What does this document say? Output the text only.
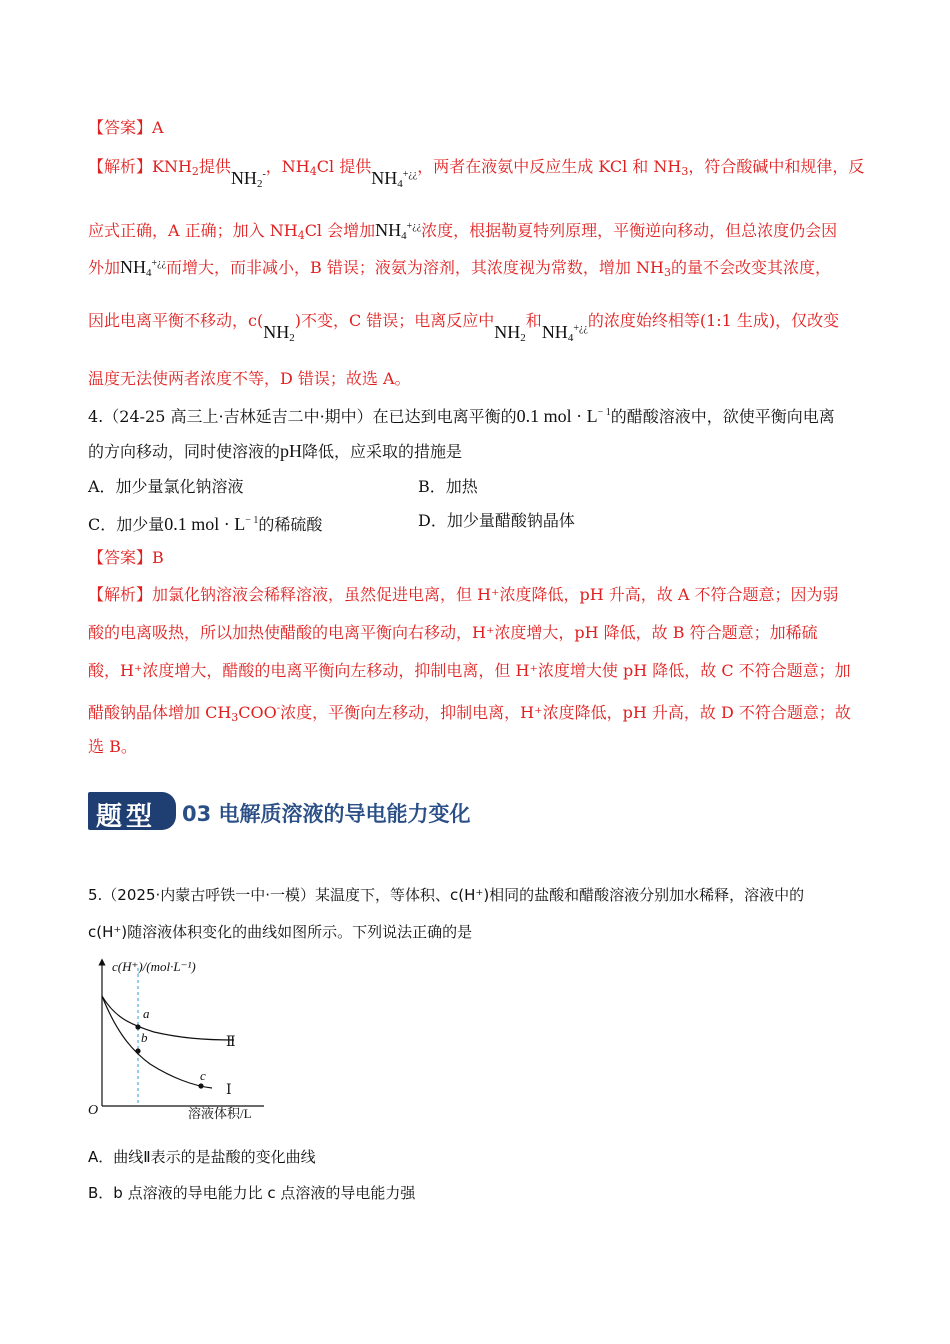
【答案】A
【解析】$KNH_2$提供$NH_2^-$，$NH_4Cl$ 提供$NH_4^{+¿¿}$，两者在液氨中反应生成 KCl 和 $NH_3$，符合酸碱中和规律，反
应式正确，A 正确；加入 $NH_4Cl$ 会增加$NH_4^{+¿¿}$浓度，根据勒夏特列原理，平衡逆向移动，但总浓度仍会因
外加$NH_4^{+¿¿}$而增大，而非减小，B 错误；液氨为溶剂，其浓度视为常数，增加 $NH_3$的量不会改变其浓度，
因此电离平衡不移动，$c(NH_2)$不变，C 错误；电离反应中$NH_2$和$NH_4^{+¿¿}$的浓度始终相等(1:1 生成)，仅改变
温度无法使两者浓度不等，D 错误；故选 A。
4.（24-25 高三上·吉林延吉二中·期中）在已达到电离平衡的0.1 mol · $L^{- 1}$的醋酸溶液中，欲使平衡向电离
的方向移动，同时使溶液的pH降低，应采取的措施是
A．加少量氯化钠溶液	B．加热
C．加少量0.1 mol · $L^{- 1}$的稀硫酸	D．加少量醋酸钠晶体
【答案】B
【解析】加氯化钠溶液会稀释溶液，虽然促进电离，但 H⁺浓度降低，pH 升高，故 A 不符合题意；因为弱
酸的电离吸热，所以加热使醋酸的电离平衡向右移动，H⁺浓度增大，pH 降低，故 B 符合题意；加稀硫
酸，H⁺浓度增大，醋酸的电离平衡向左移动，抑制电离，但 H⁺浓度增大使 pH 降低，故 C 不符合题意；加
醋酸钠晶体增加 $CH_3COO^-$浓度，平衡向左移动，抑制电离，H⁺浓度降低，pH 升高，故 D 不符合题意；故
选 B。
题型 03 电解质溶液的导电能力变化
5.（2025·内蒙古呼铁一中·一模）某温度下，等体积、c(H⁺)相同的盐酸和醋酸溶液分别加水稀释，溶液中的
c(H⁺)随溶液体积变化的曲线如图所示。下列说法正确的是
c(H⁺)/(mol·L⁻¹)
a
b
c
Ⅱ
Ⅰ
O	溶液体积/L
A．曲线Ⅱ表示的是盐酸的变化曲线
B．b 点溶液的导电能力比 c 点溶液的导电能力强
